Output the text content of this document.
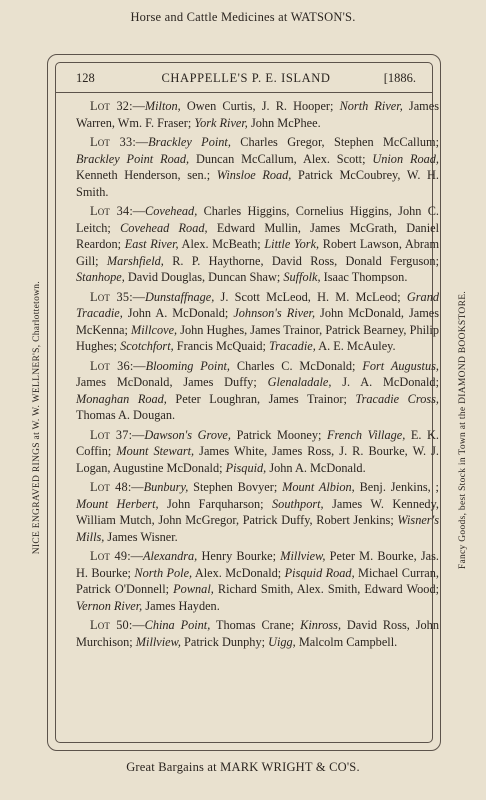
Horse and Cattle Medicines at WATSON'S.
NICE ENGRAVED RINGS at W. W. WELLNER'S, Charlottetown.	Fancy Goods, best Stock in Town at the DIAMOND BOOKSTORE.
128	CHAPPELLE'S P. E. ISLAND	[1886.

Lot 32:—Milton, Owen Curtis, J. R. Hooper; North River, James Warren, Wm. F. Fraser; York River, John McPhee.

Lot 33:—Brackley Point, Charles Gregor, Stephen McCallum; Brackley Point Road, Duncan McCallum, Alex. Scott; Union Road, Kenneth Henderson, sen.; Winsloe Road, Patrick McCoubrey, W. H. Smith.

Lot 34:—Covehead, Charles Higgins, Cornelius Higgins, John C. Leitch; Covehead Road, Edward Mullin, James McGrath, Daniel Reardon; East River, Alex. McBeath; Little York, Robert Lawson, Abram Gill; Marshfield, R. P. Haythorne, David Ross, Donald Ferguson; Stanhope, David Douglas, Duncan Shaw; Suffolk, Isaac Thompson.

Lot 35:—Dunstaffnage, J. Scott McLeod, H. M. McLeod; Grand Tracadie, John A. McDonald; Johnson's River, John McDonald, James McKenna; Millcove, John Hughes, James Trainor, Patrick Bearney, Philip Hughes; Scotchfort, Francis McQuaid; Tracadie, A. E. McAuley.

Lot 36:—Blooming Point, Charles C. McDonald; Fort Augustus, James McDonald, James Duffy; Glenaladale, J. A. McDonald; Monaghan Road, Peter Loughran, James Trainor; Tracadie Cross, Thomas A. Dougan.

Lot 37:—Dawson's Grove, Patrick Mooney; French Village, E. K. Coffin; Mount Stewart, James White, James Ross, J. R. Bourke, W. J. Logan, Augustine McDonald; Pisquid, John A. McDonald.

Lot 48:—Bunbury, Stephen Bovyer; Mount Albion, Benj. Jenkins, ; Mount Herbert, John Farquharson; Southport, James W. Kennedy, William Mutch, John McGregor, Patrick Duffy, Robert Jenkins; Wisner's Mills, James Wisner.

Lot 49:—Alexandra, Henry Bourke; Millview, Peter M. Bourke, Jas. H. Bourke; North Pole, Alex. McDonald; Pisquid Road, Michael Curran, Patrick O'Donnell; Pownal, Richard Smith, Alex. Smith, Edward Wood; Vernon River, James Hayden.

Lot 50:—China Point, Thomas Crane; Kinross, David Ross, John Murchison; Millview, Patrick Dunphy; Uigg, Malcolm Campbell.

Great Bargains at MARK WRIGHT & CO'S.
